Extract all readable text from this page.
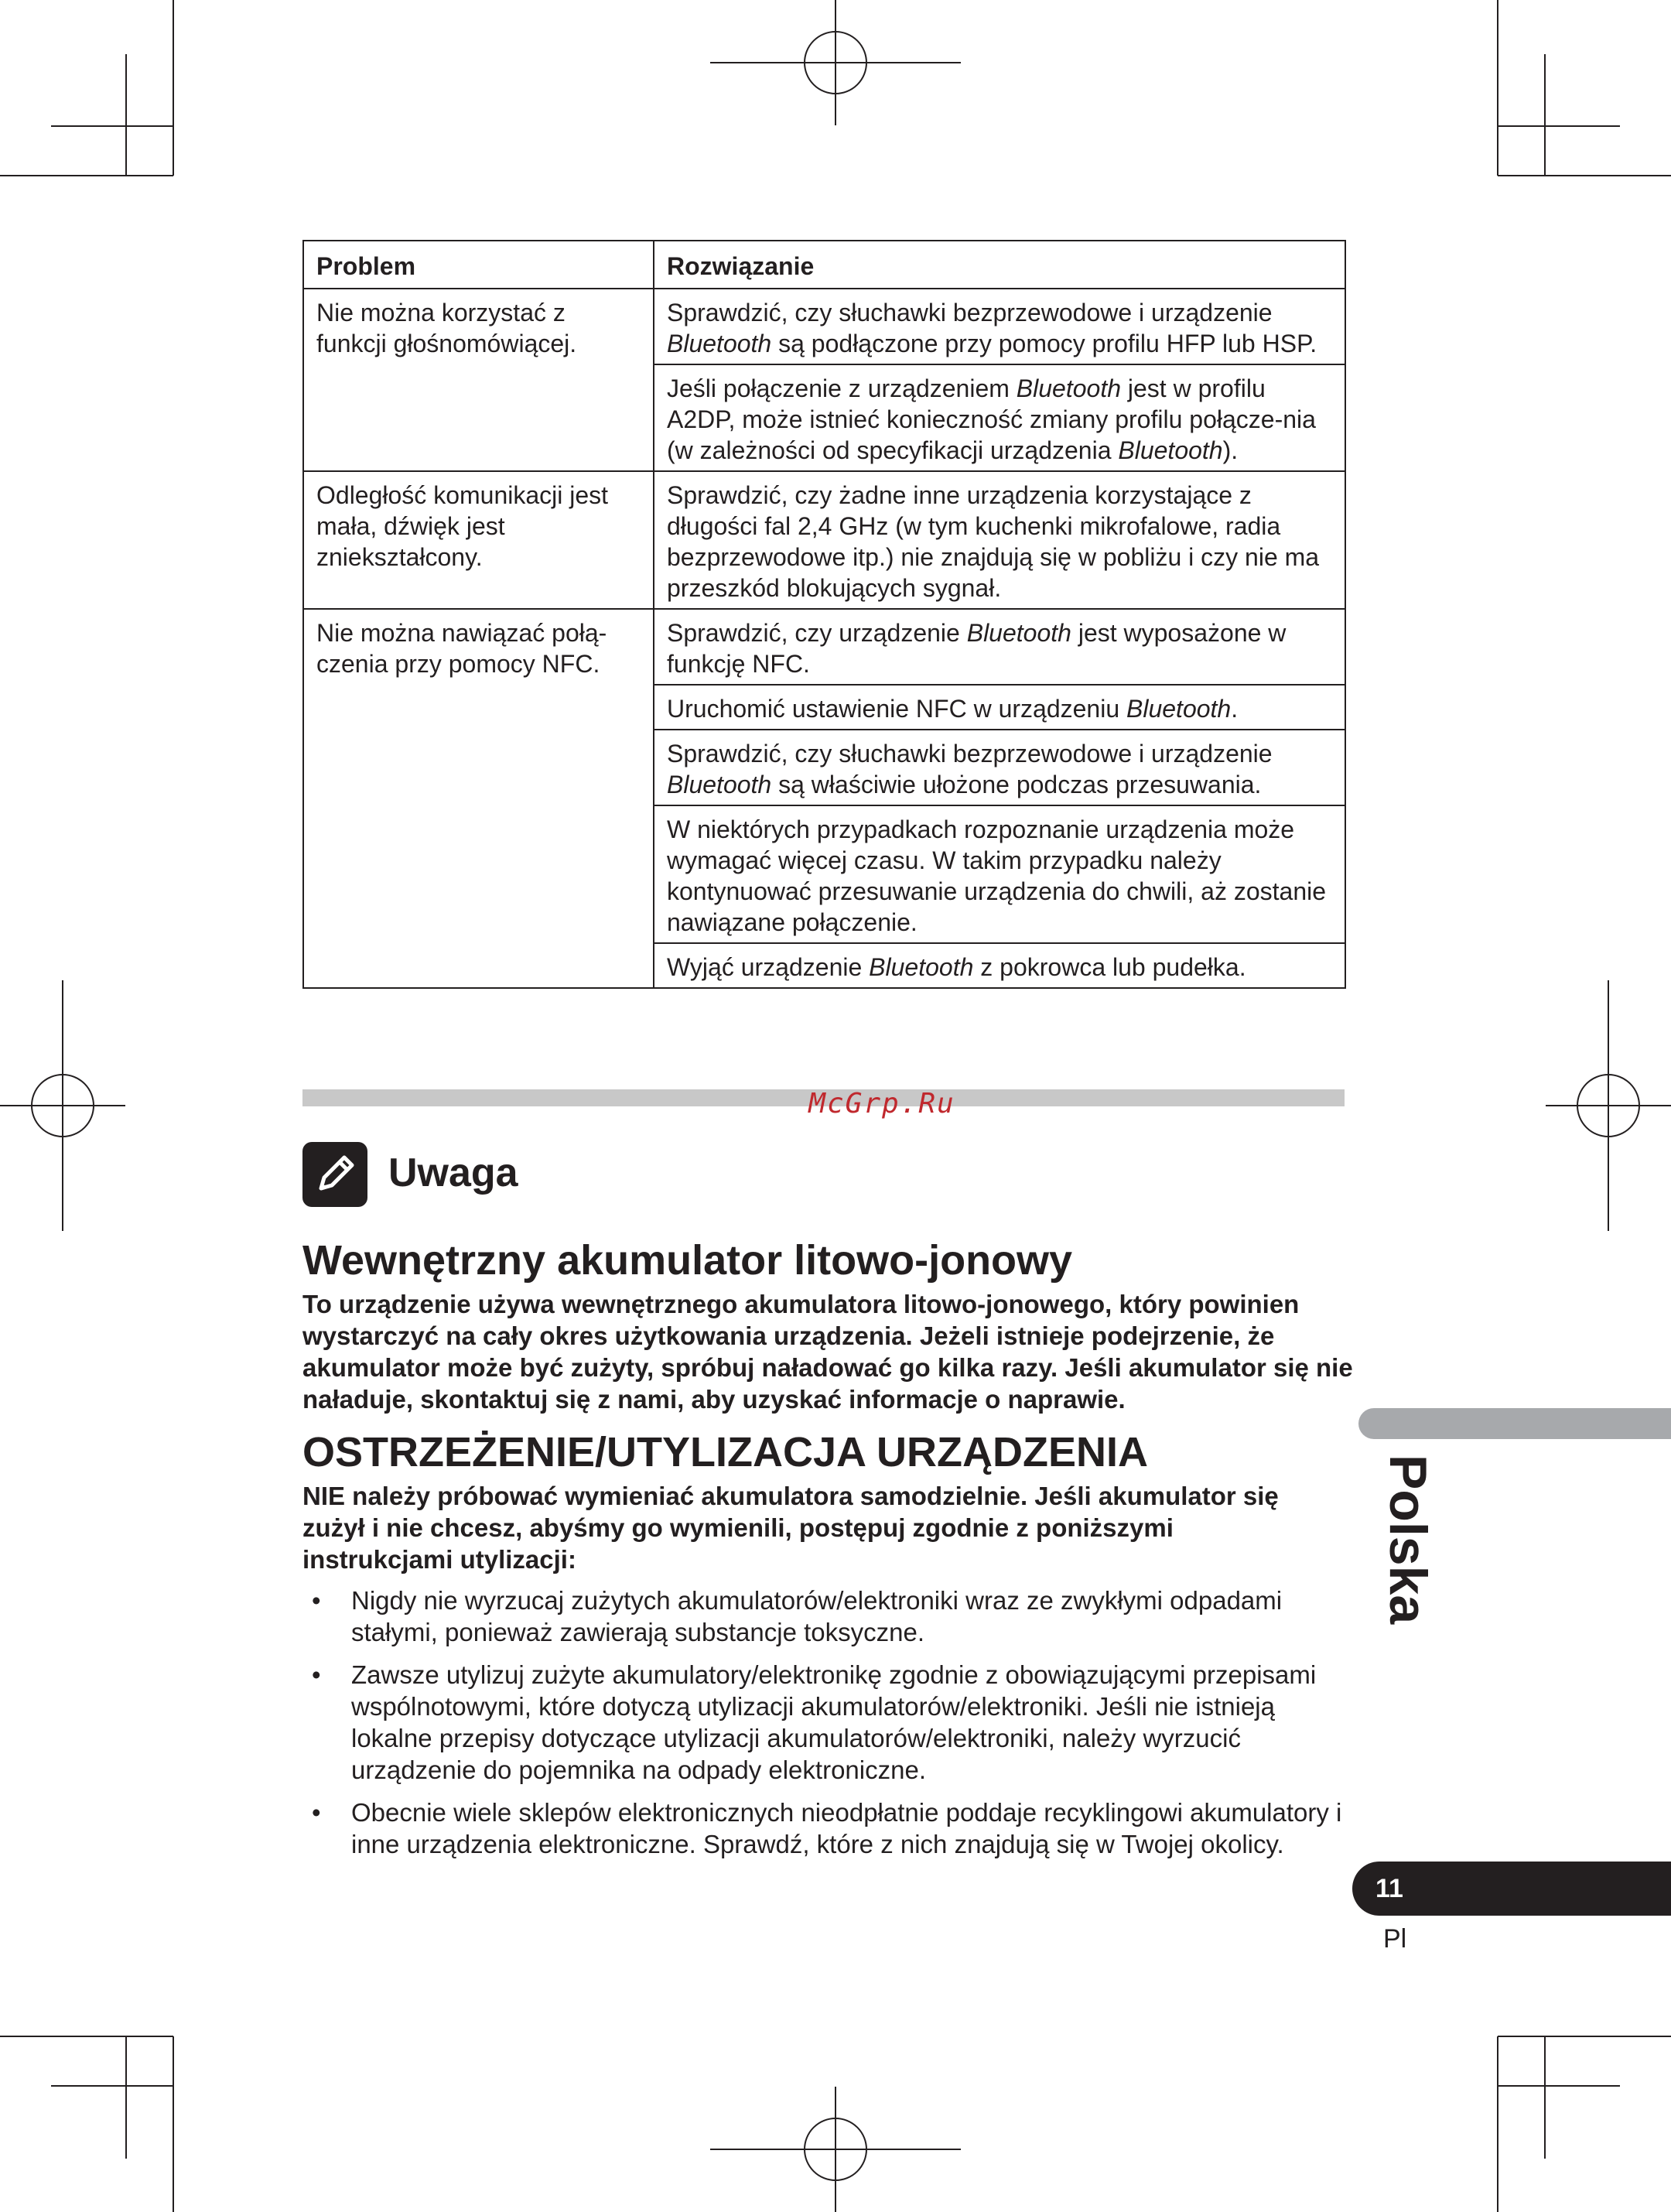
Problem	Rozwiązanie
Nie można korzystać z funkcji głośnomówiącej.	Sprawdzić, czy słuchawki bezprzewodowe i urządzenie Bluetooth są podłączone przy pomocy profilu HFP lub HSP.
	Jeśli połączenie z urządzeniem Bluetooth jest w profilu A2DP, może istnieć konieczność zmiany profilu połącze-nia (w zależności od specyfikacji urządzenia Bluetooth).
Odległość komunikacji jest mała, dźwięk jest zniekształcony.	Sprawdzić, czy żadne inne urządzenia korzystające z długości fal 2,4 GHz (w tym kuchenki mikrofalowe, radia bezprzewodowe itp.) nie znajdują się w pobliżu i czy nie ma przeszkód blokujących sygnał.
Nie można nawiązać połą-czenia przy pomocy NFC.	Sprawdzić, czy urządzenie Bluetooth jest wyposażone w funkcję NFC.
	Uruchomić ustawienie NFC w urządzeniu Bluetooth.
	Sprawdzić, czy słuchawki bezprzewodowe i urządzenie Bluetooth są właściwie ułożone podczas przesuwania.
	W niektórych przypadkach rozpoznanie urządzenia może wymagać więcej czasu. W takim przypadku należy kontynuować przesuwanie urządzenia do chwili, aż zostanie nawiązane połączenie.
	Wyjąć urządzenie Bluetooth z pokrowca lub pudełka.
McGrp.Ru
Uwaga
Wewnętrzny akumulator litowo-jonowy

To urządzenie używa wewnętrznego akumulatora litowo-jonowego, który powinien wystarczyć na cały okres użytkowania urządzenia. Jeżeli istnieje podejrzenie, że akumulator może być zużyty, spróbuj naładować go kilka razy. Jeśli akumulator się nie naładuje, skontaktuj się z nami, aby uzyskać informacje o naprawie.

OSTRZEŻENIE/UTYLIZACJA URZĄDZENIA

NIE należy próbować wymieniać akumulatora samodzielnie. Jeśli akumulator się zużył i nie chcesz, abyśmy go wymienili, postępuj zgodnie z poniższymi instrukcjami utylizacji:

• Nigdy nie wyrzucaj zużytych akumulatorów/elektroniki wraz ze zwykłymi odpadami stałymi, ponieważ zawierają substancje toksyczne.
• Zawsze utylizuj zużyte akumulatory/elektronikę zgodnie z obowiązującymi przepisami wspólnotowymi, które dotyczą utylizacji akumulatorów/elektroniki. Jeśli nie istnieją lokalne przepisy dotyczące utylizacji akumulatorów/elektroniki, należy wyrzucić urządzenie do pojemnika na odpady elektroniczne.
• Obecnie wiele sklepów elektronicznych nieodpłatnie poddaje recyklingowi akumulatory i inne urządzenia elektroniczne. Sprawdź, które z nich znajdują się w Twojej okolicy.
Polska
11
Pl
